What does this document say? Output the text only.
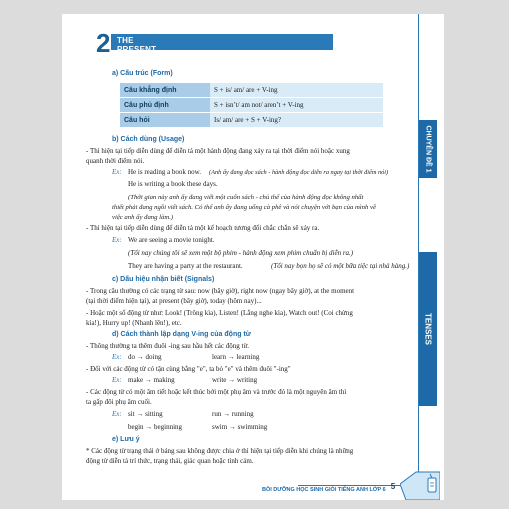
2 THE PRESENT CONTINUOUS
a) Cấu trúc (Form)
Câu khẳng định	S + is/ am/ are + V-ing
Câu phủ định	S + isn’t/ am not/ aren’t + V-ing
Câu hỏi	Is/ am/ are + S + V-ing?
b) Cách dùng (Usage)
- Thì hiện tại tiếp diễn dùng để diễn tả một hành động đang xảy ra tại thời điểm nói hoặc xung
quanh thời điểm nói.
Ex: He is reading a book now. (Anh ấy đang đọc sách - hành động đọc diễn ra ngay tại thời điểm nói)
He is writing a book these days.
(Thời gian này anh ấy đang viết một cuốn sách - chủ thể của hành động đọc không nhất
thiết phải đang ngồi viết sách. Có thể anh ấy đang uống cà phê và nói chuyện với bạn của mình về
việc anh ấy đang làm.)
- Thì hiện tại tiếp diễn dùng để diễn tả một kế hoạch tương đối chắc chắn sẽ xảy ra.
Ex: We are seeing a movie tonight.
(Tối nay chúng tôi sẽ xem một bộ phim - hành động xem phim chuẩn bị diễn ra.)
They are having a party at the restaurant.	(Tối nay bọn họ sẽ có một bữa tiệc tại nhà hàng.)
c) Dấu hiệu nhận biết (Signals)
- Trong câu thường có các trạng từ sau: now (bây giờ), right now (ngay bây giờ), at the moment
(tại thời điểm hiện tại), at present (bây giờ), today (hôm nay)...
- Hoặc một số động từ như: Look! (Trông kìa), Listen! (Lắng nghe kìa), Watch out! (Coi chừng
kìa!), Hurry up! (Nhanh lên!), etc.
d) Cách thành lập dạng V-ing của động từ
- Thông thường ta thêm đuôi -ing sau hầu hết các động từ.
Ex: do → doing	learn → learning
- Đối với các động từ có tận cùng bằng "e", ta bỏ "e" và thêm đuôi "-ing"
Ex: make → making	write → writing
- Các động từ có một âm tiết hoặc kết thúc bởi một phụ âm và trước đó là một nguyên âm thì
ta gấp đôi phụ âm cuối.
Ex: sit → sitting	run → running
begin → beginning	swim → swimming
e) Lưu ý
* Các động từ trạng thái ở bảng sau không được chia ở thì hiện tại tiếp diễn khi chúng là những
động từ diễn tả trí thức, trạng thái, giác quan hoặc tình cảm.
CHUYÊN ĐỀ 1
TENSES
BỒI DƯỠNG HỌC SINH GIỎI TIẾNG ANH LỚP 6 5
